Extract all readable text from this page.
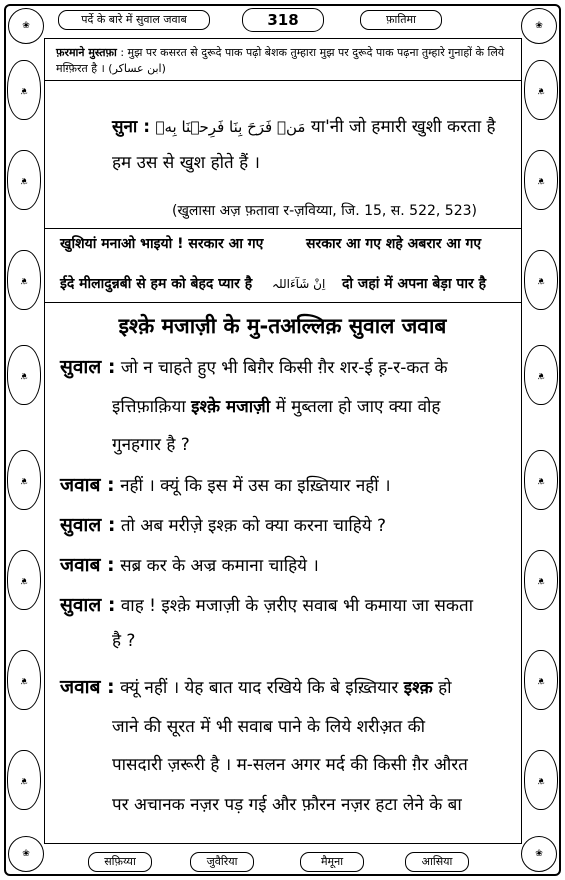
पर्दे के बारे में सुवाल जवाब	318	फ़ातिमा
❀	❀
❀	❀
❦
❦
❦
❦
❦
❦
❦
❦
❦
❦
❦
❦
❦
❦
❦
❦
फ़रमाने मुस्तफ़ा : मुझ पर कसरत से दुरूदे पाक पढ़ो बेशक तुम्हारा मुझ पर दुरूदे पाक पढ़ना तुम्हारे गुनाहों के लिये मग़्फ़िरत है । (ابن عساکر)
सुना : مَنۡ فَرَحَ بِنَا فَرِحۡنَا بِهٖ या'नी जो हमारी खुशी करता है
हम उस से खुश होते हैं ।
(खुलासा अज़ फ़तावा र-ज़विय्या, जि. 15, स. 522, 523)
खुशियां मनाओ भाइयो ! सरकार आ गए	सरकार आ गए शहे अबरार आ गए
ईदे मीलादुन्नबी से हम को बेहद प्यार है اِنْ شَآءَاللہ दो जहां में अपना बेड़ा पार है
इश्क़े मजाज़ी के मु-तअल्लिक़ सुवाल जवाब
सुवाल : जो न चाहते हुए भी बिग़ैर किसी ग़ैर शर-ई ह़-र-कत के
इत्तिफ़ाक़िया इश्क़े मजाज़ी में मुब्तला हो जाए क्या वोह
गुनहगार है ?
जवाब : नहीं । क्यूं कि इस में उस का इख़्तियार नहीं ।
सुवाल : तो अब मरीज़े इश्क़ को क्या करना चाहिये ?
जवाब : सब्र कर के अज्र कमाना चाहिये ।
सुवाल : वाह ! इश्क़े मजाज़ी के ज़रीए सवाब भी कमाया जा सकता
है ?
जवाब : क्यूं नहीं । येह बात याद रखिये कि बे इख़्तियार इश्क़ हो
जाने की सूरत में भी सवाब पाने के लिये शरीअ़त की
पासदारी ज़रूरी है । म-सलन अगर मर्द की किसी ग़ैर औरत
पर अचानक नज़र पड़ गई और फ़ौरन नज़र हटा लेने के बा
सफ़िय्या	जुवैरिया	मैमूना	आसिया
